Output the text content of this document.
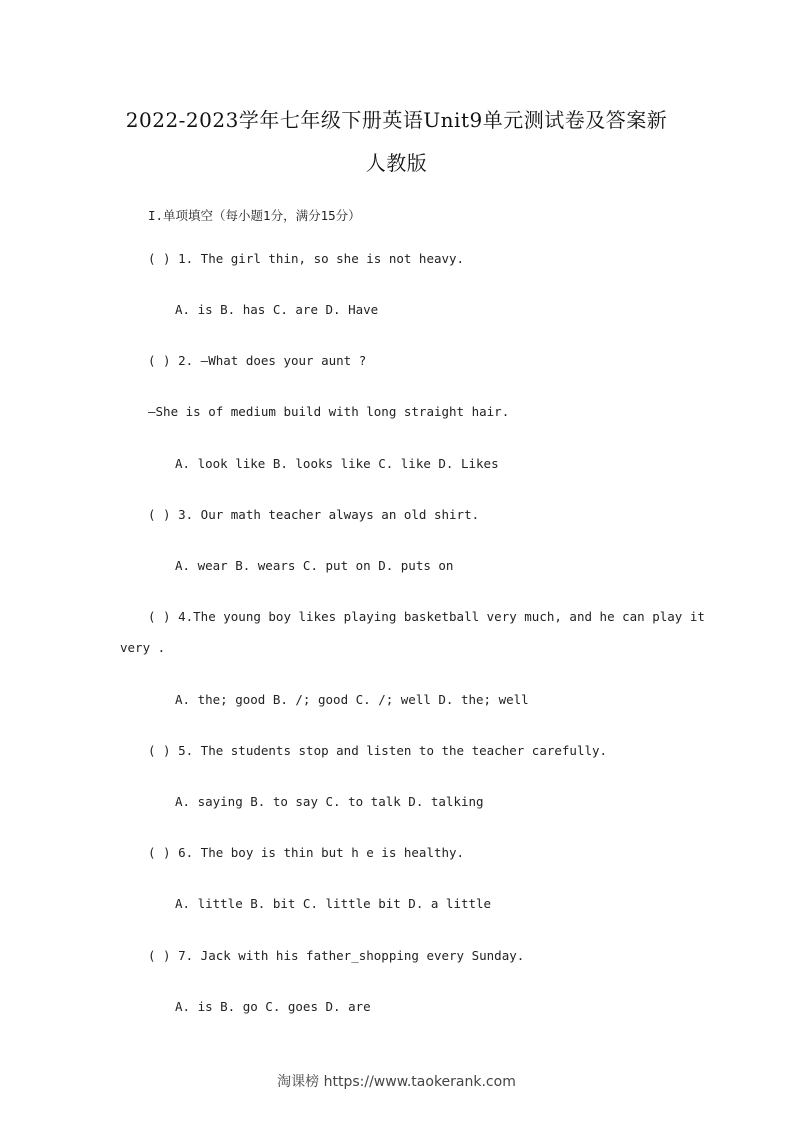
2022-2023学年七年级下册英语Unit9单元测试卷及答案新
人教版
I.单项填空（每小题1分，满分15分）
( ) 1. The girl thin, so she is not heavy.
A. is B. has C. are D. Have
( ) 2. —What does your aunt ?
—She is of medium build with long straight hair.
A. look like B. looks like C. like D. Likes
( ) 3. Our math teacher always an old shirt.
A. wear B. wears C. put on D. puts on
( ) 4.The young boy likes playing basketball very much, and he can play it
very .
A. the; good B. /; good C. /; well D. the; well
( ) 5. The students stop and listen to the teacher carefully.
A. saying B. to say C. to talk D. talking
( ) 6. The boy is thin but h e is healthy.
A. little B. bit C. little bit D. a little
( ) 7. Jack with his father_shopping every Sunday.
A. is B. go C. goes D. are
淘课榜 https://www.taokerank.com
